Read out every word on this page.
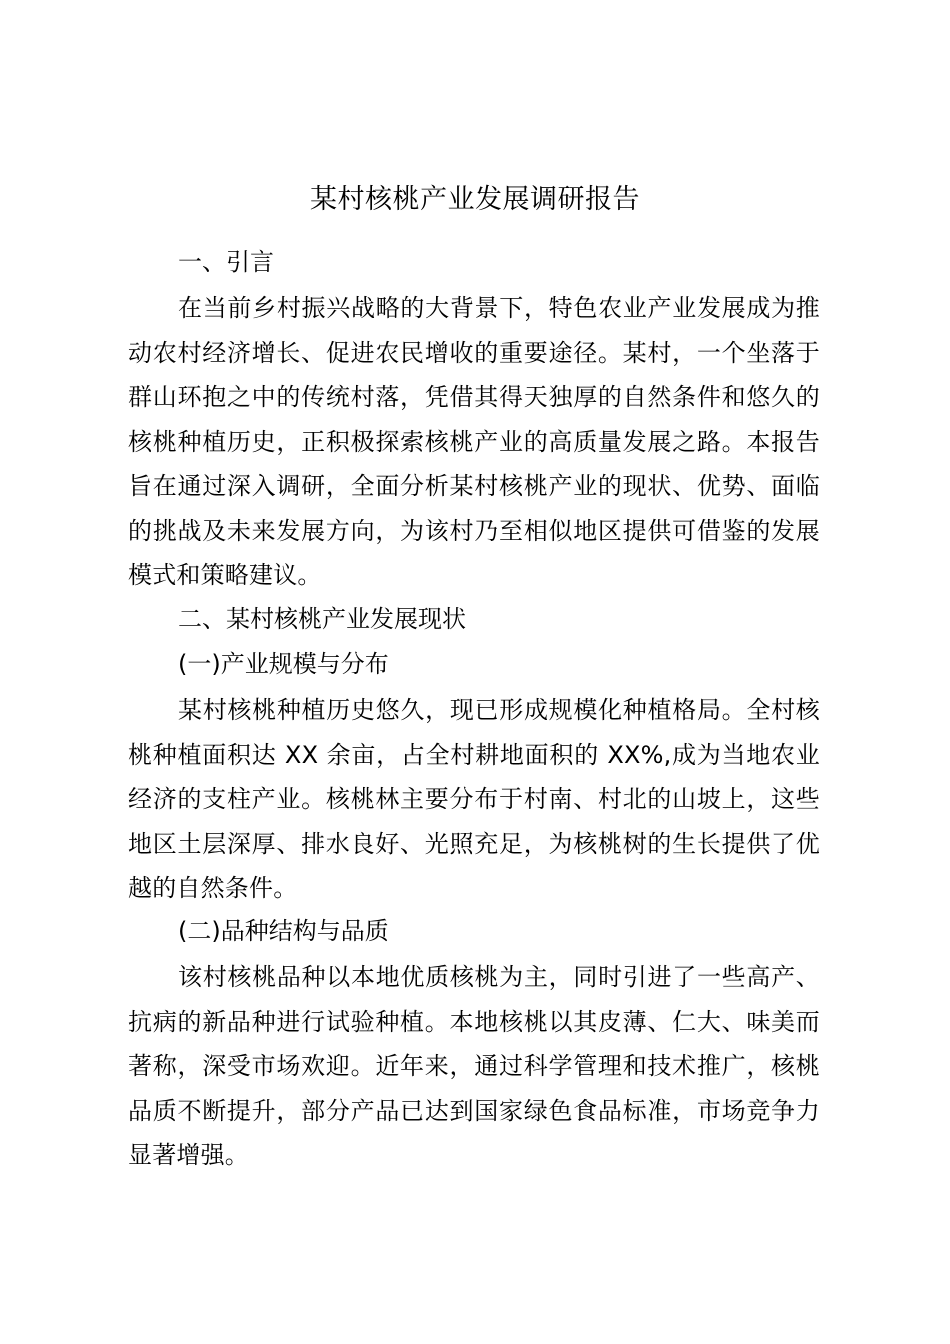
某村核桃产业发展调研报告
一、引言
在当前乡村振兴战略的大背景下，特色农业产业发展成为推动农村经济增长、促进农民增收的重要途径。某村，一个坐落于群山环抱之中的传统村落，凭借其得天独厚的自然条件和悠久的核桃种植历史，正积极探索核桃产业的高质量发展之路。本报告旨在通过深入调研，全面分析某村核桃产业的现状、优势、面临的挑战及未来发展方向，为该村乃至相似地区提供可借鉴的发展模式和策略建议。
二、某村核桃产业发展现状
(一)产业规模与分布
某村核桃种植历史悠久，现已形成规模化种植格局。全村核桃种植面积达 XX 余亩，占全村耕地面积的 XX%,成为当地农业经济的支柱产业。核桃林主要分布于村南、村北的山坡上，这些地区土层深厚、排水良好、光照充足，为核桃树的生长提供了优越的自然条件。
(二)品种结构与品质
该村核桃品种以本地优质核桃为主，同时引进了一些高产、抗病的新品种进行试验种植。本地核桃以其皮薄、仁大、味美而著称，深受市场欢迎。近年来，通过科学管理和技术推广，核桃品质不断提升，部分产品已达到国家绿色食品标准，市场竞争力显著增强。
